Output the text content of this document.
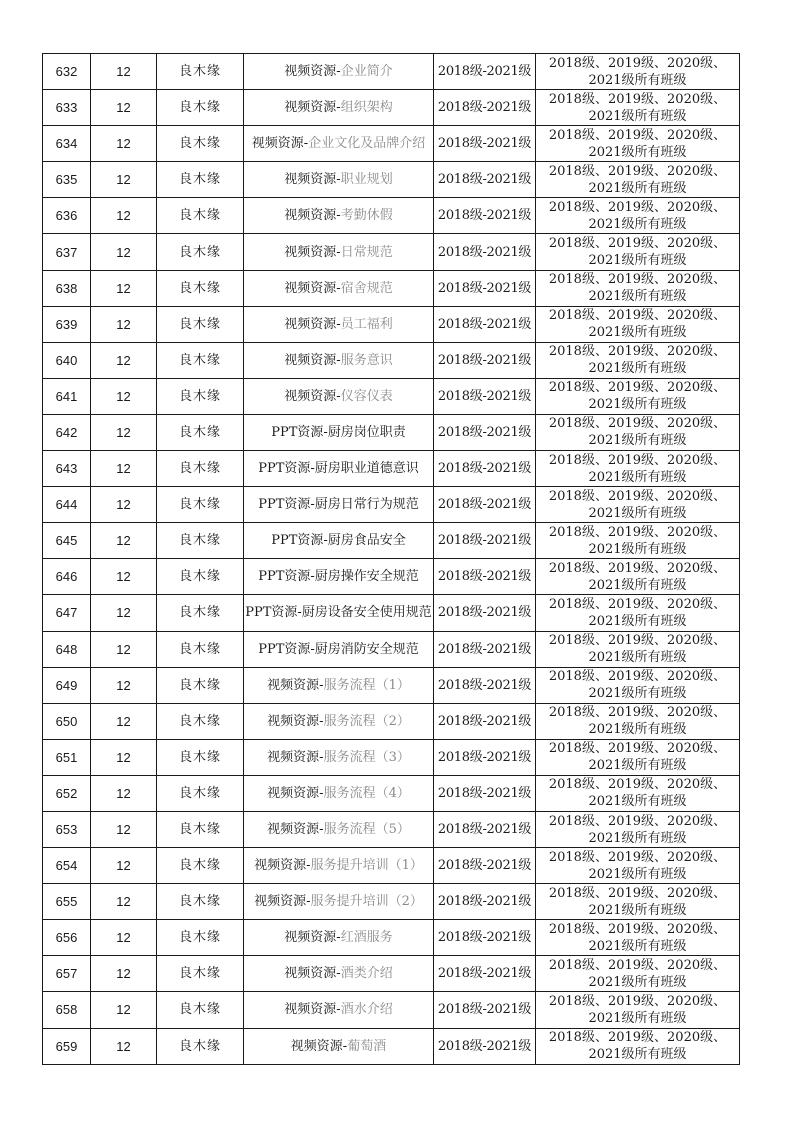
632	12	良木缘	视频资源-企业简介	2018级-2021级	2018级、2019级、2020级、2021级所有班级
633	12	良木缘	视频资源-组织架构	2018级-2021级	2018级、2019级、2020级、2021级所有班级
634	12	良木缘	视频资源-企业文化及品牌介绍	2018级-2021级	2018级、2019级、2020级、2021级所有班级
635	12	良木缘	视频资源-职业规划	2018级-2021级	2018级、2019级、2020级、2021级所有班级
636	12	良木缘	视频资源-考勤休假	2018级-2021级	2018级、2019级、2020级、2021级所有班级
637	12	良木缘	视频资源-日常规范	2018级-2021级	2018级、2019级、2020级、2021级所有班级
638	12	良木缘	视频资源-宿舍规范	2018级-2021级	2018级、2019级、2020级、2021级所有班级
639	12	良木缘	视频资源-员工福利	2018级-2021级	2018级、2019级、2020级、2021级所有班级
640	12	良木缘	视频资源-服务意识	2018级-2021级	2018级、2019级、2020级、2021级所有班级
641	12	良木缘	视频资源-仪容仪表	2018级-2021级	2018级、2019级、2020级、2021级所有班级
642	12	良木缘	PPT资源-厨房岗位职责	2018级-2021级	2018级、2019级、2020级、2021级所有班级
643	12	良木缘	PPT资源-厨房职业道德意识	2018级-2021级	2018级、2019级、2020级、2021级所有班级
644	12	良木缘	PPT资源-厨房日常行为规范	2018级-2021级	2018级、2019级、2020级、2021级所有班级
645	12	良木缘	PPT资源-厨房食品安全	2018级-2021级	2018级、2019级、2020级、2021级所有班级
646	12	良木缘	PPT资源-厨房操作安全规范	2018级-2021级	2018级、2019级、2020级、2021级所有班级
647	12	良木缘	PPT资源-厨房设备安全使用规范	2018级-2021级	2018级、2019级、2020级、2021级所有班级
648	12	良木缘	PPT资源-厨房消防安全规范	2018级-2021级	2018级、2019级、2020级、2021级所有班级
649	12	良木缘	视频资源-服务流程（1）	2018级-2021级	2018级、2019级、2020级、2021级所有班级
650	12	良木缘	视频资源-服务流程（2）	2018级-2021级	2018级、2019级、2020级、2021级所有班级
651	12	良木缘	视频资源-服务流程（3）	2018级-2021级	2018级、2019级、2020级、2021级所有班级
652	12	良木缘	视频资源-服务流程（4）	2018级-2021级	2018级、2019级、2020级、2021级所有班级
653	12	良木缘	视频资源-服务流程（5）	2018级-2021级	2018级、2019级、2020级、2021级所有班级
654	12	良木缘	视频资源-服务提升培训（1）	2018级-2021级	2018级、2019级、2020级、2021级所有班级
655	12	良木缘	视频资源-服务提升培训（2）	2018级-2021级	2018级、2019级、2020级、2021级所有班级
656	12	良木缘	视频资源-红酒服务	2018级-2021级	2018级、2019级、2020级、2021级所有班级
657	12	良木缘	视频资源-酒类介绍	2018级-2021级	2018级、2019级、2020级、2021级所有班级
658	12	良木缘	视频资源-酒水介绍	2018级-2021级	2018级、2019级、2020级、2021级所有班级
659	12	良木缘	视频资源-葡萄酒	2018级-2021级	2018级、2019级、2020级、2021级所有班级
